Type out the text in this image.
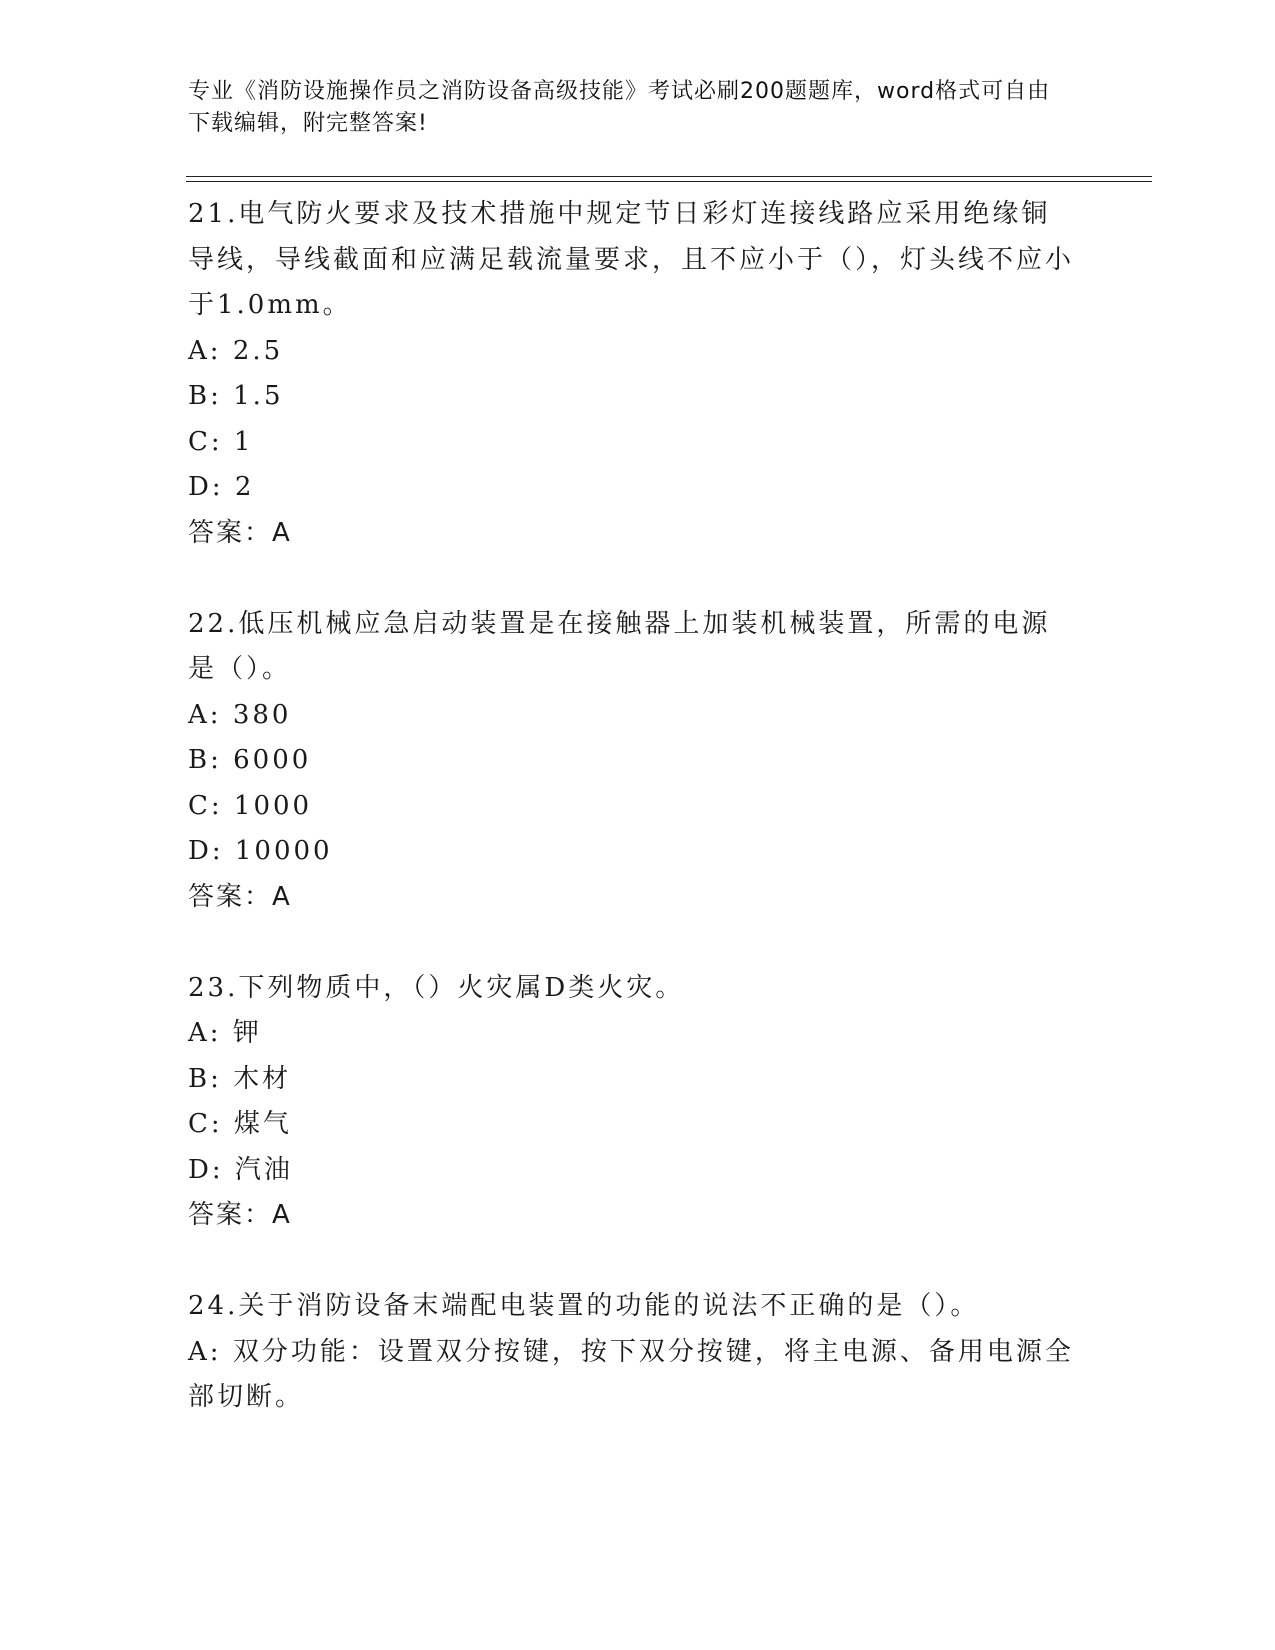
专业《消防设施操作员之消防设备高级技能》考试必刷200题题库，word格式可自由下载编辑，附完整答案!

21.电气防火要求及技术措施中规定节日彩灯连接线路应采用绝缘铜导线，导线截面和应满足载流量要求，且不应小于（），灯头线不应小于1.0mm。

A: 2.5

B: 1.5

C: 1

D: 2

答案：A

22.低压机械应急启动装置是在接触器上加装机械装置，所需的电源是（）。

A: 380

B: 6000

C: 1000

D: 10000

答案：A

23.下列物质中，（）火灾属D类火灾。

A: 钾

B: 木材

C: 煤气

D: 汽油

答案：A

24.关于消防设备末端配电装置的功能的说法不正确的是（）。

A: 双分功能：设置双分按键，按下双分按键，将主电源、备用电源全部切断。
